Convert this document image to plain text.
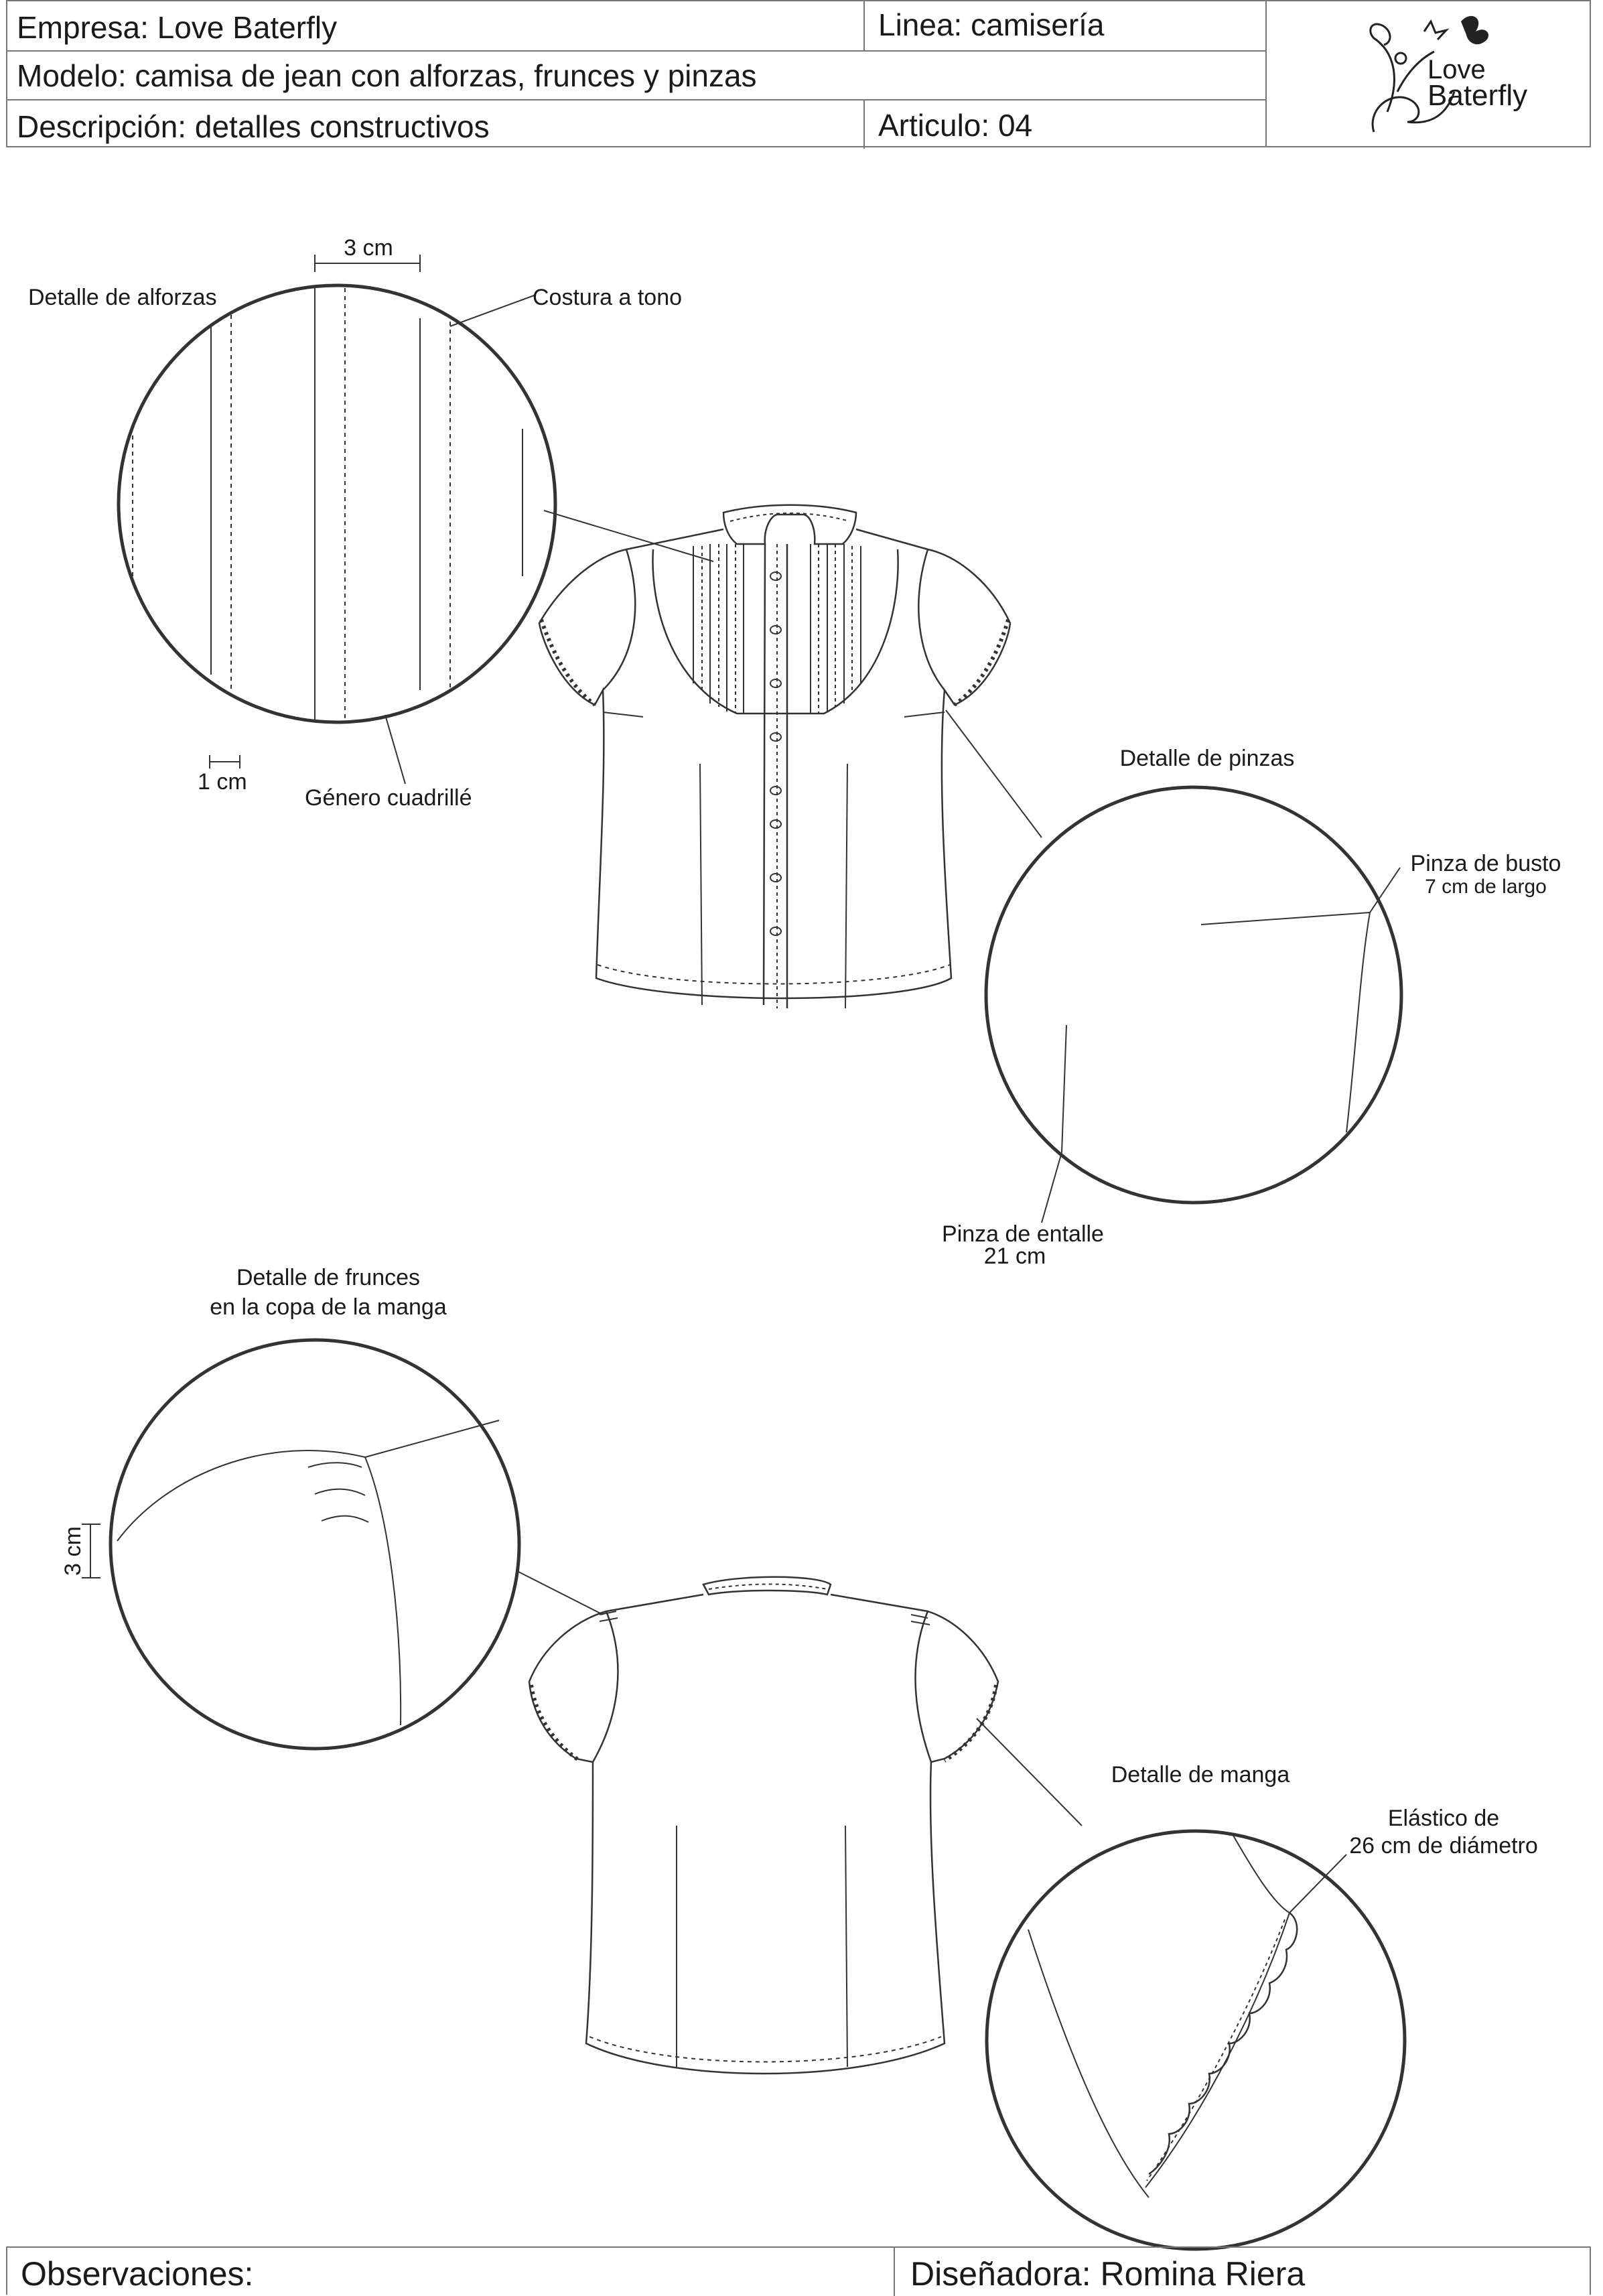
Empresa: Love Baterfly	Linea: camisería
Modelo: camisa de jean con alforzas, frunces y pinzas
Descripción: detalles constructivos	Articulo: 04
Love
Baterfly
3 cm
Detalle de alforzas	Costura a tono
1 cm
Género cuadrillé
Detalle de pinzas
Pinza de busto
7 cm de largo
Pinza de entalle
21 cm
Detalle de frunces
en la copa de la manga
3 cm
Detalle de manga
Elástico de
26 cm de diámetro
Observaciones:	Diseñadora: Romina Riera
